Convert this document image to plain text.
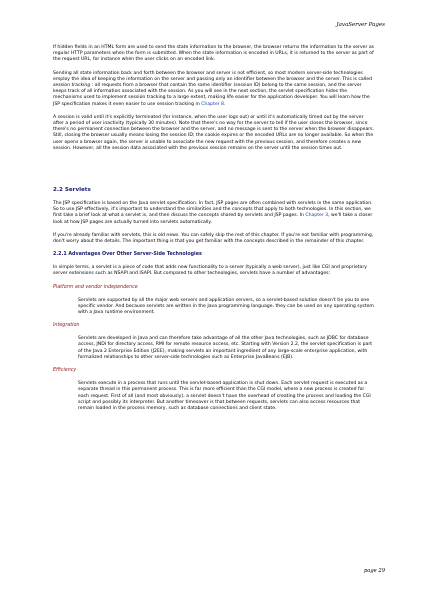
JavaServer Pages

If hidden fields in an HTML form are used to send the state information to the browser, the browser returns the information to the server as regular HTTP parameters when the form is submitted. When the state information is encoded in URLs, it is returned to the server as part of the request URL, for instance when the user clicks on an encoded link.

Sending all state information back and forth between the browser and server is not efficient, so most modern server-side technologies employ the idea of keeping the information on the server and passing only an identifier between the browser and the server. This is called session tracking : all requests from a browser that contain the same identifier (session ID) belong to the same session, and the server keeps track of all information associated with the session. As you will see in the next section, the servlet specification hides the mechanisms used to implement session tracking to a large extent, making life easier for the application developer. You will learn how the JSP specification makes it even easier to use session tracking in Chapter 8.

A session is valid until it's explicitly terminated (for instance, when the user logs out) or until it's automatically timed out by the server after a period of user inactivity (typically 30 minutes). Note that there's no way for the server to tell if the user closes the browser, since there's no permanent connection between the browser and the server, and no message is sent to the server when the browser disappears. Still, closing the browser usually means losing the session ID; the cookie expires or the encoded URLs are no longer available. So when the user opens a browser again, the server is unable to associate the new request with the previous session, and therefore creates a new session. However, all the session data associated with the previous session remains on the server until the session times out.

2.2 Servlets

The JSP specification is based on the Java servlet specification. In fact, JSP pages are often combined with servlets in the same application. So to use JSP effectively, it's important to understand the similarities and the concepts that apply to both technologies. In this section, we first take a brief look at what a servlet is, and then discuss the concepts shared by servlets and JSP pages. In Chapter 3, we'll take a closer look at how JSP pages are actually turned into servlets automatically.

If you're already familiar with servlets, this is old news. You can safely skip the rest of this chapter. If you're not familiar with programming, don't worry about the details. The important thing is that you get familiar with the concepts described in the remainder of this chapter.

2.2.1 Advantages Over Other Server-Side Technologies

In simple terms, a servlet is a piece of code that adds new functionality to a server (typically a web server), just like CGI and proprietary server extensions such as NSAPI and ISAPI. But compared to other technologies, servlets have a number of advantages:

Platform and vendor independence

Servlets are supported by all the major web servers and application servers, so a servlet-based solution doesn't tie you to one specific vendor. And because servlets are written in the Java programming language, they can be used on any operating system with a Java runtime environment.

Integration

Servlets are developed in Java and can therefore take advantage of all the other Java technologies, such as JDBC for database access, JNDI for directory access, RMI for remote resource access, etc. Starting with Version 2.2, the servlet specification is part of the Java 2 Enterprise Edition (J2EE), making servlets an important ingredient of any large-scale enterprise application, with formalized relationships to other server-side technologies such as Enterprise JavaBeans (EJB).

Efficiency

Servlets execute in a process that runs until the servlet-based application is shut down. Each servlet request is executed as a separate thread in this permanent process. This is far more efficient than the CGI model, where a new process is created for each request. First of all (and most obviously), a servlet doesn't have the overhead of creating the process and loading the CGI script and possibly its interpreter. But another timesaver is that between requests, servlets can also access resources that remain loaded in the process memory, such as database connections and client state.

page 29
